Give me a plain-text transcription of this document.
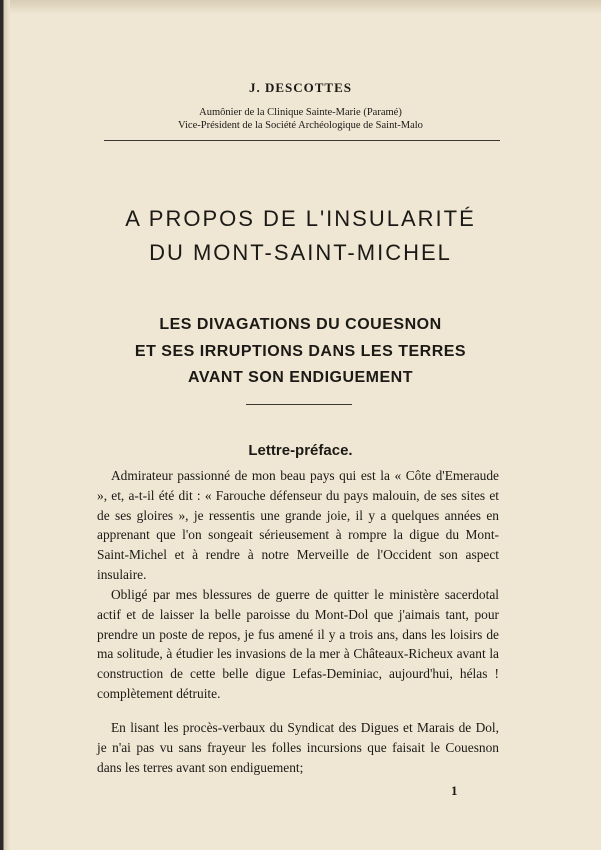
J. DESCOTTES
Aumônier de la Clinique Sainte-Marie (Paramé)
Vice-Président de la Société Archéologique de Saint-Malo
A PROPOS DE L'INSULARITÉ
DU MONT-SAINT-MICHEL
LES DIVAGATIONS DU COUESNON
ET SES IRRUPTIONS DANS LES TERRES
AVANT SON ENDIGUEMENT
Lettre-préface.

Admirateur passionné de mon beau pays qui est la « Côte d'Emeraude », et, a-t-il été dit : « Farouche défenseur du pays malouin, de ses sites et de ses gloires », je ressentis une grande joie, il y a quelques années en apprenant que l'on songeait sérieusement à rompre la digue du Mont-Saint-Michel et à rendre à notre Merveille de l'Occident son aspect insulaire.

Obligé par mes blessures de guerre de quitter le ministère sacerdotal actif et de laisser la belle paroisse du Mont-Dol que j'aimais tant, pour prendre un poste de repos, je fus amené il y a trois ans, dans les loisirs de ma solitude, à étudier les invasions de la mer à Châteaux-Richeux avant la construction de cette belle digue Lefas-Deminiac, aujourd'hui, hélas ! complètement détruite.

En lisant les procès-verbaux du Syndicat des Digues et Marais de Dol, je n'ai pas vu sans frayeur les folles incursions que faisait le Couesnon dans les terres avant son endiguement;

1
